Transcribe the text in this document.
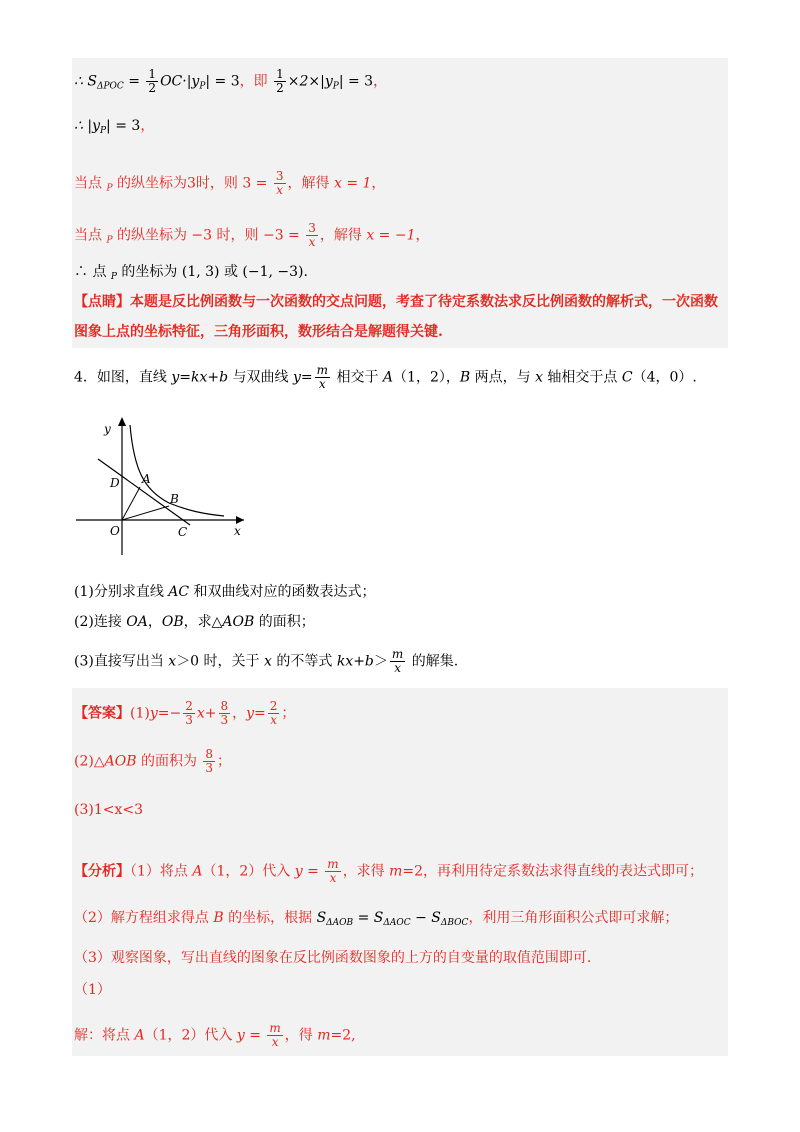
∴ $S_{\Delta POC} = \frac{1}{2} OC\cdot|y_P| = 3$，即 $\frac{1}{2} \times 2\times|y_P| = 3$，
∴ $|y_P| = 3$，
当点 $_P$ 的纵坐标为3时，则 $3 = \frac{3}{x}$ ，解得 x = 1，
当点 $_P$ 的纵坐标为 −3 时，则 $-3 = \frac{3}{x}$ ，解得 x = −1，
∴ 点 $_P$ 的坐标为 (1, 3) 或 (−1, −3).
【点睛】本题是反比例函数与一次函数的交点问题，考查了待定系数法求反比例函数的解析式，一次函数
图象上点的坐标特征，三角形面积，数形结合是解题得关键.
4．如图，直线 y=kx+b 与双曲线 $y= \frac{m}{x}$ 相交于 A（1，2），B 两点，与 x 轴相交于点 C（4，0）.
y
x
O
A
B
C
D
(1)分别求直线 AC 和双曲线对应的函数表达式；
(2)连接 OA，OB，求△AOB 的面积；
(3)直接写出当 x＞0 时，关于 x 的不等式 $kx+b> \frac{m}{x}$ 的解集.
【答案】$(1)y=- \frac{2}{3} x+ \frac{8}{3}$ ，$y= \frac{2}{x}$ ；
(2)△AOB 的面积为 $\frac{8}{3}$ ；
(3)1<x<3
【分析】（1）将点 A（1，2）代入 $y = \frac{m}{x}$ ，求得 m=2，再利用待定系数法求得直线的表达式即可；
（2）解方程组求得点 B 的坐标，根据 $S_{\Delta AOB} = S_{\Delta AOC} - S_{\Delta BOC}$，利用三角形面积公式即可求解；
（3）观察图象，写出直线的图象在反比例函数图象的上方的自变量的取值范围即可.
（1）
解：将点 A（1，2）代入 $y = \frac{m}{x}$ ，得 m=2,
